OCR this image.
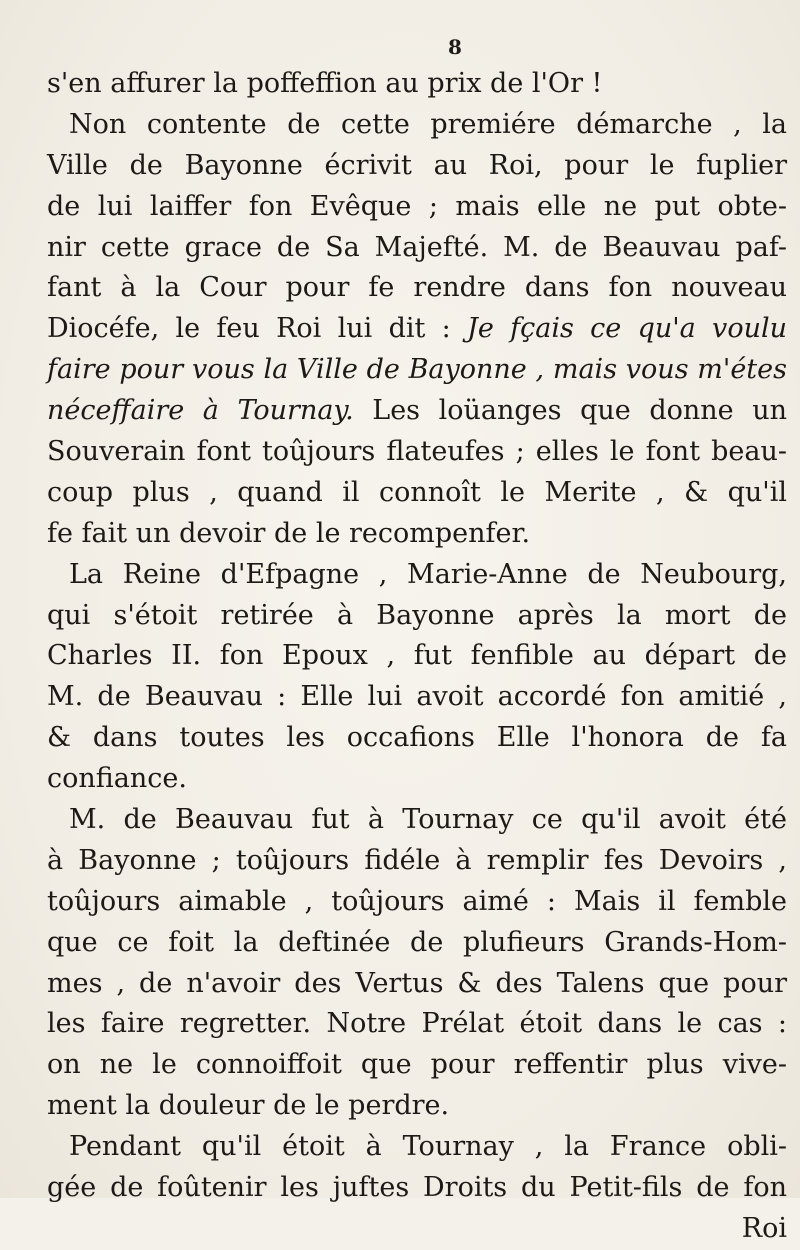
8
s'en affurer la poffeffion au prix de l'Or !
Non contente de cette premiére démarche , la
Ville de Bayonne écrivit au Roi, pour le fuplier
de lui laiffer fon Evêque ; mais elle ne put obte-
nir cette grace de Sa Majefté. M. de Beauvau paf-
fant à la Cour pour fe rendre dans fon nouveau
Diocéfe, le feu Roi lui dit : Je fçais ce qu'a voulu
faire pour vous la Ville de Bayonne , mais vous m'étes
néceffaire à Tournay. Les loüanges que donne un
Souverain font toûjours flateufes ; elles le font beau-
coup plus , quand il connoît le Merite , & qu'il
fe fait un devoir de le recompenfer.
La Reine d'Efpagne , Marie-Anne de Neubourg,
qui s'étoit retirée à Bayonne après la mort de
Charles II. fon Epoux , fut fenfible au départ de
M. de Beauvau : Elle lui avoit accordé fon amitié ,
& dans toutes les occafions Elle l'honora de fa
confiance.
M. de Beauvau fut à Tournay ce qu'il avoit été
à Bayonne ; toûjours fidéle à remplir fes Devoirs ,
toûjours aimable , toûjours aimé : Mais il femble
que ce foit la deftinée de plufieurs Grands-Hom-
mes , de n'avoir des Vertus & des Talens que pour
les faire regretter. Notre Prélat étoit dans le cas :
on ne le connoiffoit que pour reffentir plus vive-
ment la douleur de le perdre.
Pendant qu'il étoit à Tournay , la France obli-
gée de foûtenir les juftes Droits du Petit-fils de fon
Roi
